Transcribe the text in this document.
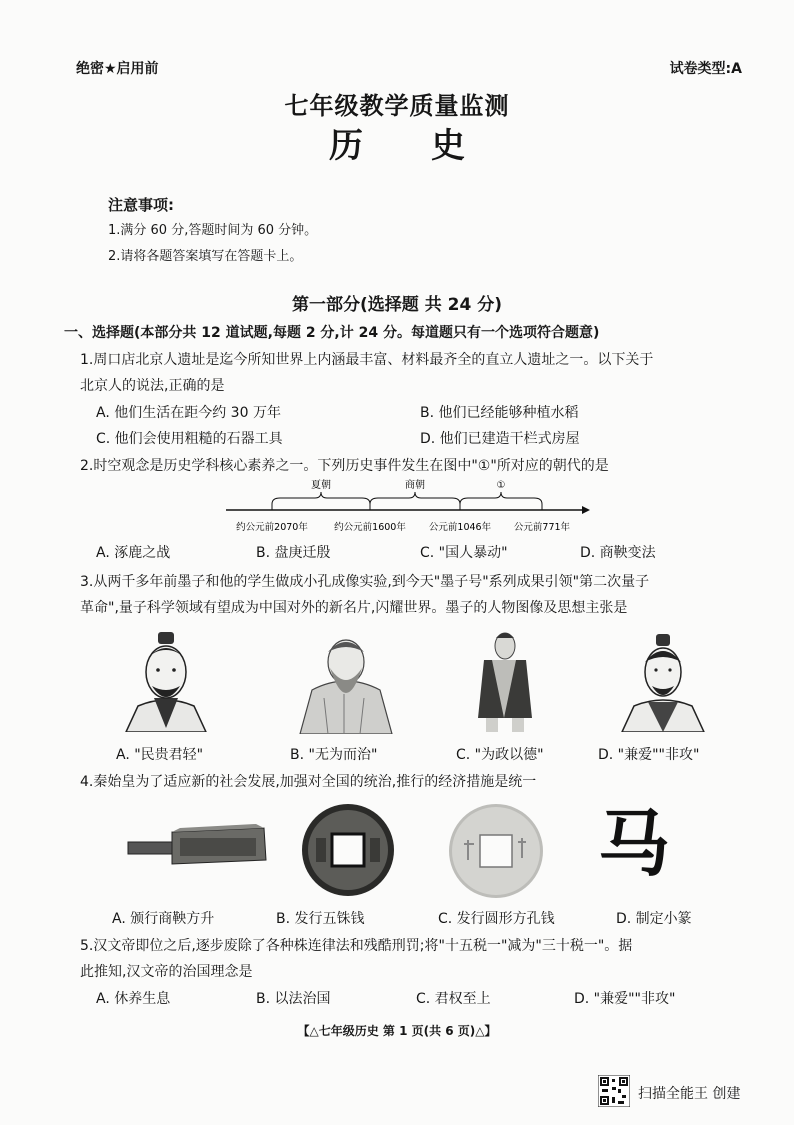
绝密★启用前	试卷类型:A
七年级教学质量监测
历 史
注意事项:
1.满分 60 分,答题时间为 60 分钟。
2.请将各题答案填写在答题卡上。
第一部分(选择题 共 24 分)
一、选择题(本部分共 12 道试题,每题 2 分,计 24 分。每道题只有一个选项符合题意)
1.周口店北京人遗址是迄今所知世界上内涵最丰富、材料最齐全的直立人遗址之一。以下关于
北京人的说法,正确的是
A. 他们生活在距今约 30 万年	B. 他们已经能够种植水稻
C. 他们会使用粗糙的石器工具	D. 他们已建造干栏式房屋
2.时空观念是历史学科核心素养之一。下列历史事件发生在图中"①"所对应的朝代的是
夏朝	商朝	①
约公元前2070年	约公元前1600年 公元前1046年 公元前771年
A. 涿鹿之战	B. 盘庚迁殷	C. "国人暴动"	D. 商鞅变法
3.从两千多年前墨子和他的学生做成小孔成像实验,到今天"墨子号"系列成果引领"第二次量子
革命",量子科学领域有望成为中国对外的新名片,闪耀世界。墨子的人物图像及思想主张是
A. "民贵君轻"	B. "无为而治"	C. "为政以德"	D. "兼爱""非攻"
4.秦始皇为了适应新的社会发展,加强对全国的统治,推行的经济措施是统一
马
A. 颁行商鞅方升	B. 发行五铢钱	C. 发行圆形方孔钱	D. 制定小篆
5.汉文帝即位之后,逐步废除了各种株连律法和残酷刑罚;将"十五税一"减为"三十税一"。据
此推知,汉文帝的治国理念是
A. 休养生息	B. 以法治国	C. 君权至上	D. "兼爱""非攻"
【△七年级历史 第 1 页(共 6 页)△】
扫描全能王 创建
